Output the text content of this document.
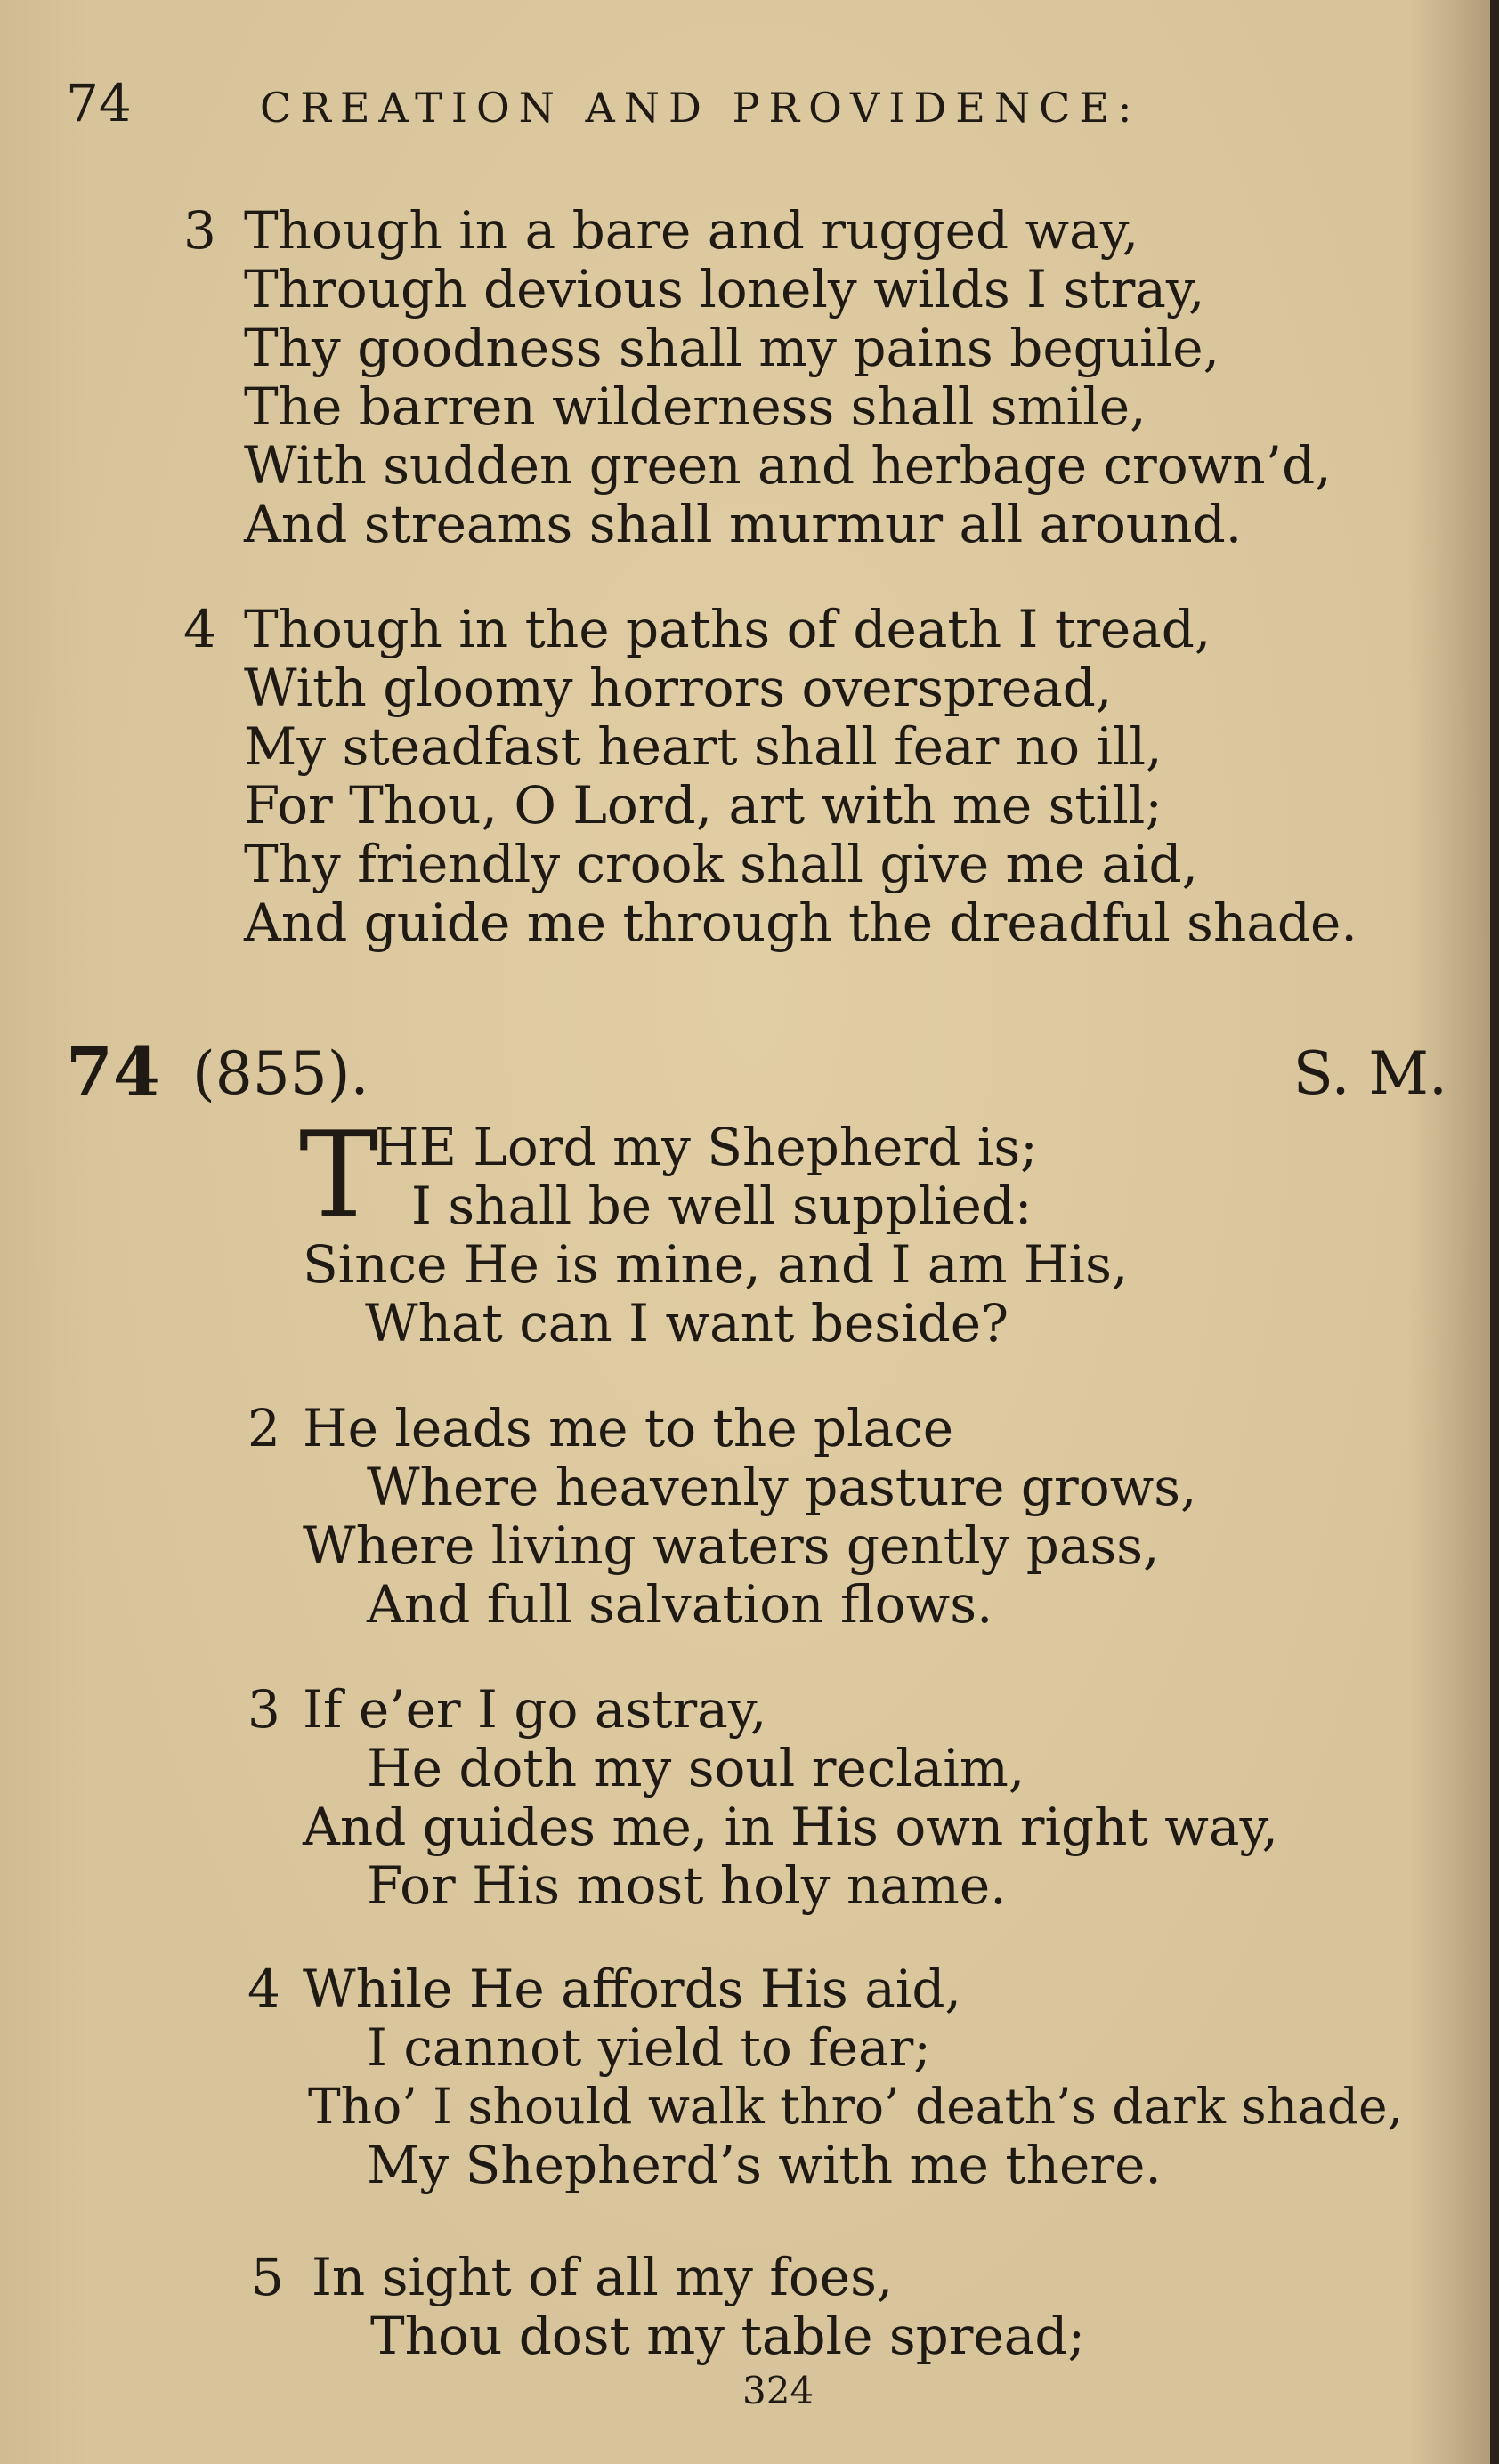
74	CREATION AND PROVIDENCE:
3 Though in a bare and rugged way,
Through devious lonely wilds I stray,
Thy goodness shall my pains beguile,
The barren wilderness shall smile,
With sudden green and herbage crown’d,
And streams shall murmur all around.
4 Though in the paths of death I tread,
With gloomy horrors overspread,
My steadfast heart shall fear no ill,
For Thou, O Lord, art with me still;
Thy friendly crook shall give me aid,
And guide me through the dreadful shade.
74 (855).	S. M.
T
HE Lord my Shepherd is;
I shall be well supplied:
Since He is mine, and I am His,
What can I want beside?
2 He leads me to the place
Where heavenly pasture grows,
Where living waters gently pass,
And full salvation flows.
3 If e’er I go astray,
He doth my soul reclaim,
And guides me, in His own right way,
For His most holy name.
4 While He affords His aid,
I cannot yield to fear;
Tho’ I should walk thro’ death’s dark shade,
My Shepherd’s with me there.
5 In sight of all my foes,
Thou dost my table spread;
324
